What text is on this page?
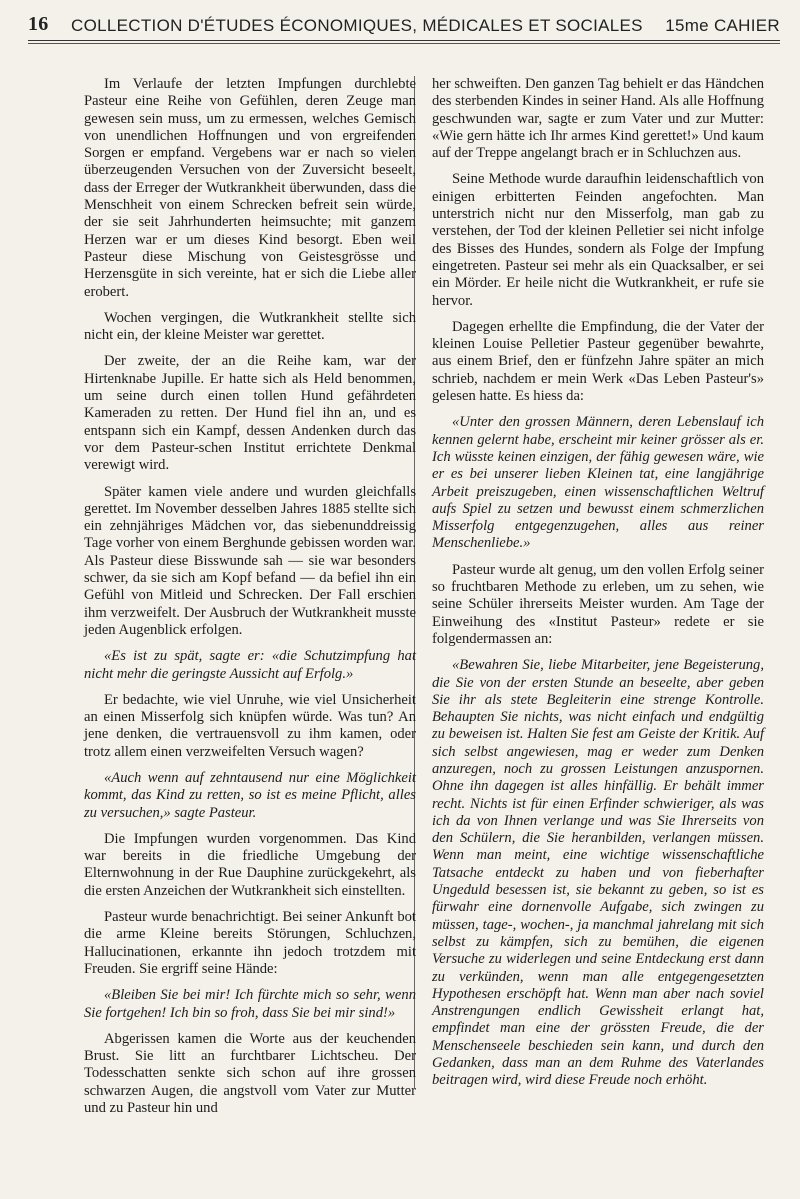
16 COLLECTION D'ÉTUDES ÉCONOMIQUES, MÉDICALES ET SOCIALES 15me CAHIER

Im Verlaufe der letzten Impfungen durchlebte Pasteur eine Reihe von Gefühlen, deren Zeuge man gewesen sein muss, um zu ermessen, welches Gemisch von unendlichen Hoffnungen und von ergreifenden Sorgen er empfand. Vergebens war er nach so vielen überzeugenden Versuchen von der Zuversicht beseelt, dass der Erreger der Wutkrankheit überwunden, dass die Menschheit von einem Schrecken befreit sein würde, der sie seit Jahrhunderten heimsuchte; mit ganzem Herzen war er um dieses Kind besorgt. Eben weil Pasteur diese Mischung von Geistesgrösse und Herzensgüte in sich vereinte, hat er sich die Liebe aller erobert.

Wochen vergingen, die Wutkrankheit stellte sich nicht ein, der kleine Meister war gerettet.

Der zweite, der an die Reihe kam, war der Hirtenknabe Jupille. Er hatte sich als Held benommen, um seine durch einen tollen Hund gefährdeten Kameraden zu retten. Der Hund fiel ihn an, und es entspann sich ein Kampf, dessen Andenken durch das vor dem Pasteur-schen Institut errichtete Denkmal verewigt wird.

Später kamen viele andere und wurden gleichfalls gerettet. Im November desselben Jahres 1885 stellte sich ein zehnjähriges Mädchen vor, das siebenunddreissig Tage vorher von einem Berghunde gebissen worden war. Als Pasteur diese Bisswunde sah — sie war besonders schwer, da sie sich am Kopf befand — da befiel ihn ein Gefühl von Mitleid und Schrecken. Der Fall erschien ihm verzweifelt. Der Ausbruch der Wutkrankheit musste jeden Augenblick erfolgen.

«Es ist zu spät, sagte er: «die Schutzimpfung hat nicht mehr die geringste Aussicht auf Erfolg.»

Er bedachte, wie viel Unruhe, wie viel Unsicherheit an einen Misserfolg sich knüpfen würde. Was tun? An jene denken, die vertrauensvoll zu ihm kamen, oder trotz allem einen verzweifelten Versuch wagen?

«Auch wenn auf zehntausend nur eine Möglichkeit kommt, das Kind zu retten, so ist es meine Pflicht, alles zu versuchen,» sagte Pasteur.

Die Impfungen wurden vorgenommen. Das Kind war bereits in die friedliche Umgebung der Elternwohnung in der Rue Dauphine zurückgekehrt, als die ersten Anzeichen der Wutkrankheit sich einstellten.

Pasteur wurde benachrichtigt. Bei seiner Ankunft bot die arme Kleine bereits Störungen, Schluchzen, Hallucinationen, erkannte ihn jedoch trotzdem mit Freuden. Sie ergriff seine Hände:

«Bleiben Sie bei mir! Ich fürchte mich so sehr, wenn Sie fortgehen! Ich bin so froh, dass Sie bei mir sind!»

Abgerissen kamen die Worte aus der keuchenden Brust. Sie litt an furchtbarer Lichtscheu. Der Todesschatten senkte sich schon auf ihre grossen schwarzen Augen, die angstvoll vom Vater zur Mutter und zu Pasteur hin und

her schweiften. Den ganzen Tag behielt er das Händchen des sterbenden Kindes in seiner Hand. Als alle Hoffnung geschwunden war, sagte er zum Vater und zur Mutter: «Wie gern hätte ich Ihr armes Kind gerettet!» Und kaum auf der Treppe angelangt brach er in Schluchzen aus.

Seine Methode wurde daraufhin leidenschaftlich von einigen erbitterten Feinden angefochten. Man unterstrich nicht nur den Misserfolg, man gab zu verstehen, der Tod der kleinen Pelletier sei nicht infolge des Bisses des Hundes, sondern als Folge der Impfung eingetreten. Pasteur sei mehr als ein Quacksalber, er sei ein Mörder. Er heile nicht die Wutkrankheit, er rufe sie hervor.

Dagegen erhellte die Empfindung, die der Vater der kleinen Louise Pelletier Pasteur gegenüber bewahrte, aus einem Brief, den er fünfzehn Jahre später an mich schrieb, nachdem er mein Werk «Das Leben Pasteur's» gelesen hatte. Es hiess da:

«Unter den grossen Männern, deren Lebenslauf ich kennen gelernt habe, erscheint mir keiner grösser als er. Ich wüsste keinen einzigen, der fähig gewesen wäre, wie er es bei unserer lieben Kleinen tat, eine langjährige Arbeit preiszugeben, einen wissenschaftlichen Weltruf aufs Spiel zu setzen und bewusst einem schmerzlichen Misserfolg entgegenzugehen, alles aus reiner Menschenliebe.»

Pasteur wurde alt genug, um den vollen Erfolg seiner so fruchtbaren Methode zu erleben, um zu sehen, wie seine Schüler ihrerseits Meister wurden. Am Tage der Einweihung des «Institut Pasteur» redete er sie folgendermassen an:

«Bewahren Sie, liebe Mitarbeiter, jene Begeisterung, die Sie von der ersten Stunde an beseelte, aber geben Sie ihr als stete Begleiterin eine strenge Kontrolle. Behaupten Sie nichts, was nicht einfach und endgültig zu beweisen ist. Halten Sie fest am Geiste der Kritik. Auf sich selbst angewiesen, mag er weder zum Denken anzuregen, noch zu grossen Leistungen anzuspornen. Ohne ihn dagegen ist alles hinfällig. Er behält immer recht. Nichts ist für einen Erfinder schwieriger, als was ich da von Ihnen verlange und was Sie Ihrerseits von den Schülern, die Sie heranbilden, verlangen müssen. Wenn man meint, eine wichtige wissenschaftliche Tatsache entdeckt zu haben und von fieberhafter Ungeduld besessen ist, sie bekannt zu geben, so ist es fürwahr eine dornenvolle Aufgabe, sich zwingen zu müssen, tage-, wochen-, ja manchmal jahrelang mit sich selbst zu kämpfen, sich zu bemühen, die eigenen Versuche zu widerlegen und seine Entdeckung erst dann zu verkünden, wenn man alle entgegengesetzten Hypothesen erschöpft hat. Wenn man aber nach soviel Anstrengungen endlich Gewissheit erlangt hat, empfindet man eine der grössten Freude, die der Menschenseele beschieden sein kann, und durch den Gedanken, dass man an dem Ruhme des Vaterlandes beitragen wird, wird diese Freude noch erhöht.
